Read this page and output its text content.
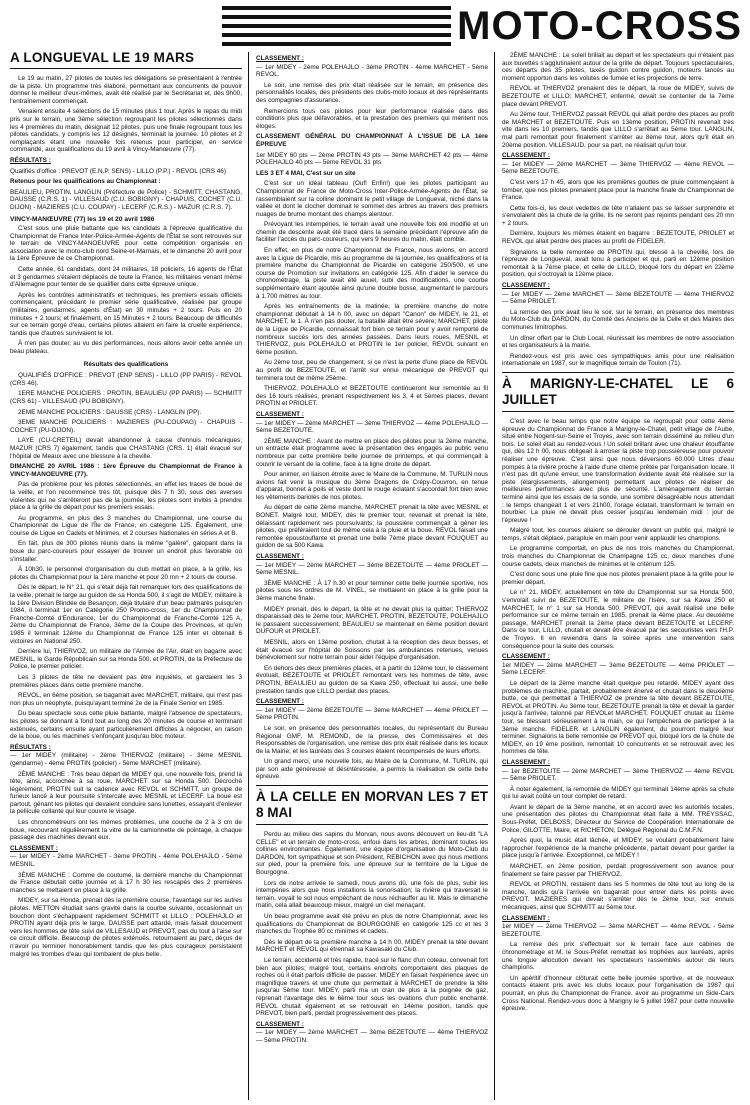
MOTO-CROSS
A LONGUEVAL LE 19 MARS

Le 19 au matin, 27 pilotes de toutes les délégations se présentaient à l'entrée de la piste. Un programme très élaboré, permettant aux concurrents de pouvoir donner le meilleur d'eux-mêmes, avait été réalisé par le Secrétariat et, dès 9h00, l'entraînement commençait.

Venaient ensuite 4 sélections de 15 minutes plus 1 tour. Après le repas du midi pris sur le terrain, une 3ème sélection regroupant les pilotes sélectionnés dans les 4 premières du matin, désignait 12 pilotes, puis une finale regroupant tous les pilotes candidats, y compris les 12 désignés, terminait la journée. 10 pilotes et 2 remplaçants étant une nouvelle fois retenus pour participer, en service commandé, aux qualifications du 19 avril à Vincy-Manœuvre (77).

RÉSULTATS :

Qualifiés d'office : PREVOT (E.N.P. SENS) - LILLO (P.P.) - REVOL (CRS 46)

Retenus pour les qualifications au Championnat :

BEAULIEU, PROTIN, LANGLIN (Préfecture de Police) - SCHMITT, CHASTANG, DAUSSE (C.R.S. 1) - VILLESAUD (C.U. BOBIGNY) - CHAPUIS, COCHET (C.U. DIJON) - MAZIERES (C.U. COUPAY) - LECERF (C.R.S.) - MAZUR (C.R.S. 7).

VINCY-MANŒUVRE (77) les 19 et 20 avril 1986

C'est sous une pluie battante que les candidats à l'épreuve qualificative du Championnat de France Inter-Police-Armée-Agents de l'État se sont retrouvés sur le terrain de VINCY-MANOEUVRE pour cette compétition organisée en association avec le moto-club nord Seine-et-Marnais, et le dimanche 20 avril pour la 1ère Épreuve de ce Championnat.

Cette année, 61 candidats, dont 24 militaires, 18 policiers, 16 agents de l'État et 3 gendarmes s'étaient déplacés de toute la France, les militaires venant même d'Allemagne pour tenter de se qualifier dans cette épreuve unique.

Après les contrôles administratifs et techniques, les premiers essais officiels commençaient, précédant le premier série qualificative, réalisée par groupe (militaires, gendarmes, agents d'État) en 30 minutes + 2 tours. Puis en 20 minutes + 2 tours; et finalement, en 15 Minutes + 2 tours. Beaucoup de difficultés sur ce terrain gorgé d'eau, certains pilotes allaient en faire la cruelle expérience, tandis que d'autres survivaient le lot.

À n'en pas douter, au vu des performances, nous allons avoir cette année un beau plateau.

Résultats des qualifications

QUALIFIÉS D'OFFICE : PREVOT (ENP SENS) - LILLO (PP PARIS) - REVOL (CRS 46).

1ERE MANCHE POLICIERS : PROTIN, BEAULIEU (PP PARIS) — SCHMITT (CRS 61) - VILLESAUD (PU BOBIGNY).

2EME MANCHE POLICIERS : DAUSSE (CRS) - LANGLIN (PP).

3EME MANCHE POLICIERS : MAZIERES (PU-COUPAG) - CHAPUIS - COCHET (PU-DIJON).

LAYE (CU-CRETEIL) devait abandonner à cause d'ennuis mécaniques; MAZUR (CRS 7) également, tandis que CHASTANG (CRS. 1) était évacué sur l'hôpital de Meaux avec une blessure à la cheville.

DIMANCHE 20 AVRIL 1986 : 1ère Épreuve du Championnat de France à VINCY-MANOEUVRE (77).

Pas de problème pour les pilotes sélectionnés, en effet les traces de boue de la veille, et l'on recommence très tôt, puisque dès 7 h 30, sous des averses violentes qui ne s'arrêteront pas de la journée, les pilotes sont invités à prendre place à la grille de départ pour les premiers essais.

Au programme, en plus des 3 manches du Championnat, une course du Championnat de Ligue de l'Île de France, en catégorie 125. Également, une course de Ligue en Cadets et Minimes, et 2 courses Nationales en séries A et B.

En fait, plus de 300 pilotes réunis dans la même "galère", galopant dans la boue du parc-coureurs pour essayer de trouver un endroit plus favorable où s'installer.

À 10h30, le personnel d'organisation du club mettait en place, à la grille, les pilotes du Championnat pour la 1ère manche et pour 20 mn + 2 tours de course.

Dès le départ, le N° 21, qui s'était déjà fait remarquer lors des qualifications de la veille, prenait le large au guidon de sa Honda 500, il s'agit de MIDEY, militaire à la 1ère Division Blindée de Besançon, déjà titulaire d'un beau palmarès puisqu'en 1984, il terminait 1er en Catégorie 250 Promo-cross, 1er du Championnat de Franche-Comté d'Endurance, 1er du Championnat de Franche-Comté 125 A, 2ème du Championnat de France, 3ème de la Coupe des Provinces, et qu'en 1985 il terminait 12ème du Championnat de France 125 inter et obtenait 6 victoires en National 250.

Derrière lui, THIERVOZ, un militaire de l'Armée de l'Air, était en bagarre avec MESNIL, le Garde Républicain sur sa Honda 500, et PROTIN, de la Préfecture de Police, le premier policier.

Les 3 pilotes de tête ne devaient pas être inquiétés, et gardaient les 3 premières places dans cette première manche.

REVOL, en 6ème position, se bagarrait avec MARCHET, militaire, qui n'est pas non plus un néophyte, puisqu'ayant terminé 2e de la Finale Senior en 1985.

Du beau spectacle sous cette pluie battante, malgré l'absence de spectateurs, les pilotes se donnant à fond tout au long des 20 minutes de course et terminant exténués, certains ensuite ayant particulièrement difficiles à négocier, en raison de la boue, ou les machines s'enfonçant jusqu'au bloc moteur.

RÉSULTATS :

— 1er MIDEY (militaire) - 2ème THIERVOZ (militaire) - 3ème MESNIL (gendarme) - 4ème PROTIN (policier) - 5ème MARCHET (militaire).

2ÈME MANCHE : Très beau départ de MIDEY qui, une nouvelle fois, prend la tête, ainsi, accrochée à sa roue, MARCHET sur sa Honda 500. Décroché légèrement, PROTIN suit la cadence avec REVOL et SCHMITT, un groupe de furieux lancé à leur poursuite s'intercale avec MESNIL et LECERF. La boue est partout, gênant les pilotes qui devaient conduire sans lunettes, essayant d'enlever la pellicule collante qui leur couvre le visage.

Les chronométreurs ont les mêmes problèmes, une couche de 2 à 3 cm de boue, recouvrant régulièrement la vitre de la camionnette de pointage, à chaque passage des machines devant eux.

CLASSEMENT :

— 1er MIDEY - 2ème MARCHET - 3ème PROTIN - 4ème POLEHAJLO - 5ème MESNIL.

3ÈME MANCHE : Comme de coutume, la dernière manche du Championnat de France débutait cette journée et à 17 h 30 les rescapés des 2 premières manches se mettaient en place à la grille.

MIDEY, sur sa Honda, prenait dès la première course, l'avantage sur les autres pilotes. METTON étudiait sans gravité dans la courbe suivante, occasionnait un bouchon dont s'échappaient rapidement SCHMITT et LILLO ; POLEHAJLO et PROTIN ayant déjà pris le large. DAUSSE part attardé, mais faisait doucement vers les hommes de tête suivi de VILLESAUD et PREVOT, pas du tout à l'aise sur ce circuit difficile. Beaucoup de pilotes exténués, retournaient au parc, déçus de n'avoir pu terminer honorablement tandis que les plus courageux persistaient malgré les trombes d'eau qui tombaient de plus belle.

CLASSEMENT :

— 1er MIDEY - 2ème POLEHAJLO - 3ème PROTIN - 4ème MARCHET - 5ème REVOL.

Le soir, une remise des prix était réalisée sur le terrain, en présence des personnalités locales, des présidents des clubs-moto locaux et des représentants des compagnies d'assurance.

Remercions tous ces pilotes pour leur performance réalisée dans des conditions plus que défavorables, et la prestation des premiers qui méritent nos éloges.

CLASSEMENT GÉNÉRAL DU CHAMPIONNAT À L'ISSUE DE LA 1ère ÉPREUVE

1er MIDEY 60 pts — 2ème PROTIN 43 pts — 3ème MARCHET 42 pts — 4ème POLEHAJLO 40 pts — 5ème REVOL 31 pts

LES 3 ET 4 MAI, C'est sur un site

C'est sur un idéal tableau (Ouf! Enfin!) que les pilotes participant au Championnat de France de Moto-Cross Inter-Police-Armée-Agents de l'État, se rassemblaient sur la colline dominant le petit village de Longueval, niché dans la vallée et dont le clocher dominait le sommet des arbres au travers des premiers nuages de brume montant des champs alentour.

Prévoyant les intempéries, le terrain avait une nouvelle fois été modifié et un chemin de descente avait été tracé dans la semaine précédant l'épreuve afin de faciliter l'accès du parc-coureurs, qui vers 9 heures du matin, était comble.

En effet, en plus de notre Championnat de France, nous avions, en accord avec la Ligue de Picardie, mis au programme de la journée, les qualifications et la première manche du Championnat de Picardie en catégorie 250/500, et une course de Promotion sur invitations en catégorie 125. Afin d'aider le service du chronométrage, la piste avait été auuel, subi des modifications, une courbe supplémentaire étant ajoutée ainsi qu'une double bosse, augmentant le parcours à 1.700 mètres au tour.

Après les entraînements de la matinée, la première manche de notre championnat débutait à 14 h 00, avec un départ "Canon" de MIDEY, le 21, et MARCHET, le 1. À n'en pas douter, la bataille allait être sévère; MARCHET, pilote de la Ligue de Picardie, connaissait fort bien ce terrain pour y avoir remporté de nombreux succès lors des années passées. Dans leurs roues, MESNIL et THIERVOZ, puis POLEHAJLO et PROTIN le 1er policier, REVOL suivant en 6ème position.

Au 2ème tour, peu de changement, si ce n'est la perte d'une place de REVOL au profit de BEZETOUTE, et l'arrêt sur ennui mécanique de PREVOT qui terminera tout de même 25ème.

THIERVOZ, POLEHAJLO et BEZETOUTE continueront leur remontée au fil des 16 tours réalisés, prenant respectivement les 3, 4 et 5èmes places, devant PROTIN et PRIOLET.

CLASSEMENT :

— 1er MIDEY — 2ème MARCHET — 3ème THIERVOZ — 4ème POLEHAJLO — 5ème BEZETOUTE.

2ÈME MANCHE : Avant de mettre en place des pilotes pour la 2ème manche, un entracte était programmé avec la présentation des engagés au public venu nombreux par cette première belle journée de printemps, et qui commençait à couvrir le versant de la colline, face à la ligne droite de départ.

Pour animer, en liaison étroite avec le Maire de la Commune, M. TURLIN nous avions fait venir la musique du 3ème Dragons de Crépy-Couvron, en tenue d'apparat, bonnet à poils et veste dont le rouge éclatant s'accordait fort bien avec les vêtements bariolés de nos pilotes.

Au départ de cette 2ème manche, MARCHET prenait la tête avec MESNIL et BONET. Malgré tout, MIDEY, dès le premier tour, revenait et prenait la tête, délaissant rapidement ses poursuivants; la poussière commençait à gêner les pilotes, qui préféraient tout de même cela à la pluie et la boue. REVOL faisait une remontée époustouflante et prenait une belle 7ème place devant FOUQUET au guidon de sa 500 Kawa.

CLASSEMENT :

— 1er MIDEY — 2ème MARCHET — 3ème BEZETOUTE — 4ème PRIOLET — 5ème MESNIL.

3ÈME MANCHE : À 17 h.30 et pour terminer cette belle journée sportive, nos pilotes sous les ordres de M. VINEL, se mettaient en place à la grille pour la 3ème manche finale.

MIDEY prenait, dès le départ, la tête et ne devait plus la quitter; THIERVOZ disparaissait dès le 2ème tour; MARCHET, PROTIN, BEZETOUTE, POLEHAJLO le passaient successivement; BEAULIEU se maintenait en 6ème position devant DUFOUR et PRIOLET.

MESNIL, alors en 13ème position, chutait à la réception des deux bosses, et était évacué sur l'hôpital de Soissons par les ambulances retenues, venues bénévolement sur notre terrain pour aider l'équipe d'organisation.

En dehors des deux premières places, et à partir du 12ème tour, le classement évoluait, BEZETOUTE et PRIOLET remontant vers les hommes de tête, avec PROTIN, BEAULIEU au guidon de sa Kawa 250, effectuait lui aussi, une belle prestation tandis que LILLO perdait des places.

CLASSEMENT :

— 1er MIDEY — 2ème BEZETOUTE — 3ème MARCHET — 4ème PRIOLET — 5ème PROTIN.

Le soir, en présence des personnalités locales, du représentant du Bureau Régional GMF, M. REMOND, de la presse, des Commissaires et des Responsables de l'organisation, une remise des prix était réalisée dans les locaux de la Mairie, et les lauréats des 3 courses étaient récompensés de leurs efforts.

Un grand merci, une nouvelle fois, au Maire de la Commune, M. TURLIN, qui par son aide généreuse et désintéressée, a permis la réalisation de cette belle épreuve.

À LA CELLE EN MORVAN LES 7 ET 8 MAI

Perdu au milieu des sapins du Morvan, nous avons découvert un lieu-dit "LA CELLE" et un terrain de moto-cross, enfoui dans les arbres, dominant toutes les collines environnantes. Également, une équipe d'organisation du Moto-Club du DARDON, fort sympathique et son Président, REBICHON avec qui nous mettions sur pied, pour la première fois, une épreuve sur le territoire de la Ligue de Bourgogne.

Lors de notre arrivée le samedi, nous avons dû, une fois de plus, subir les intempéries alors que nous installions la sonorisation; la rivière qui traversait le terrain, voyait le sol nous empêchant de nous réchauffer au lit. Mais le dimanche matin, cela allait beaucoup mieux, malgré un ciel menaçant.

Un beau programme avait été prévu en plus de notre Championnat, avec les qualifications du Championnat de BOURGOGNE en catégorie 125 cc et les 3 manches du Trophée 80 cc minimes et cadets.

Dès le départ de la première manche à 14 h 00, MIDEY prenait la tête devant MARCHET et REVOL qui étrennait sa Kawasaki du Club.

Le terrain, accidenté et très rapide, tracé sur le flanc d'un coteau, convenait fort bien aux pilotes; malgré tout, certains endroits comportaient des plaques de roches où il était parfois difficile de passer. MIDEY en faisait l'expérience avec un magnifique travers et une chute qui permettait à MARCHET de prendre la tête jusqu'au 5ème tour. MIDEY, parti ma un cran de plus à la poignée de gaz, reprenait l'avantage dès le 6ème tour sous les ovations d'un public enchanté. REVOL chutait également et se retrouvait en 14ème position, tandis que PREVOT, bien parti, perdait progressivement des places.

CLASSEMENT :

— 1er MIDEY — 2ème MARCHET — 3ème BEZETOUTE — 4ème THIERVOZ — 5ème PROTIN.

2ÈME MANCHE : Le soleil brillait au départ et les spectateurs qui n'étaient pas aux buvettes s'agglutinaient autour de la grille de départ. Toujours spectaculaires, ces départs des 35 pilotes, taxés guidon contre guidon, moteurs lancés au moment opportun dans les volutes de fumée et les projections de terre.

REVOL et THIERVOZ prenaient dès le départ, la roue de MIDEY, suivis de BEZETOUTE et LILLO; MARCHET, enfermé, devait se contenter de la 7ème place devant PREVOT.

Au 2ème tour, THIERVOZ passait REVOL qui allait perdre des places au profit de MARCHET et BEZETOUTE. Puis en 13ème position, PROTIN revenait très vite dans les 10 premiers, tandis que LILLO s'arrêtait au 5ème tour. LANGLIN, mal parti remontait pour finalement s'arrêter au 8ème tour, alors qu'il était en 20ème position. VILLESAUD, pour sa part, ne réalisait qu'un tour.

CLASSEMENT :

— 1er MIDEY — 2ème MARCHET — 3ème THIERVOZ — 4ème REVOL — 5ème BEZETOUTE.

C'est vers 17 h 45, alors que les premières gouttes de pluie commençaient à tomber, que nos pilotes prenaient place pour la manche finale du Championnat de France.

Cette fois-ci, les deux vedettes de tête n'allaient pas se laisser surprendre et s'envolaient dès la chute de la grille. Ils ne seront pas rejoints pendant ces 20 mn + 2 tours.

Derrière, toujours les mêmes étaient en bagarre : BEZETOUTE, PRIOLET et REVOL qui allait perdre des places au profit de FIDELER.

Signalons la belle remontée de PROTIN qui, blessé à la cheville, lors de l'épreuve de Longueval, avait tenu à participer et qui, parti en 12ème position remontait à la 7ème place, et celle de LILLO, bloqué lors du départ en 22ème position, qui s'octroyait la 12ème place.

CLASSEMENT :

— 1er MIDEY — 2ème MARCHET — 3ème BEZETOUTE — 4ème THIERVOZ — 5ème PRIOLET.

La remise des prix avait lieu le soir, sur le terrain, en présence des membres du Moto-Club du DARDON, du Comité des Anciens de la Celle et des Maires des communes limitrophes.

Un dîner offert par le Club Local, réunissait les membres de notre association et les organisateurs à la mairie.

Rendez-vous est pris avec ces sympathiques amis pour une réalisation internationale en 1987, sur le magnifique terrain de Toulon (71).

À MARIGNY-LE-CHATEL LE 6 JUILLET

C'est avec le beau temps que notre équipe se regroupait pour cette 4ème épreuve du Championnat de France à Marigny-le-Chatel, petit village de l'Aube, situé entre Nogent-sur-Seine et Troyes, avec son terrain disséminé au milieu d'un bois. Le soleil était au rendez-vous ! Un soleil brillant avec une chaleur étouffante qui, dès 12 h 00, nous obligeait à arroser la piste trop poussiéreuse pour pouvoir réaliser une épreuve. C'est ainsi que nous déversions 60.000 Litres d'eau pompés à la rivière proche à l'aide d'une citerne prêtée par l'organisation locale. Il n'est pas dit qu'une erreur, une transformation évidente avait été réalisée sur la piste (élargissements, allongement) permettant aux pilotes de réaliser de meilleures performances avec plus de sécurité. L'aménagement du terrain terminé ainsi que les essais de la sonde, une sombre désagréable nous attendait : le temps changeait 1 et vers 21h00, l'orage éclatait, transformant le terrain en bourbier. La pluie ne devait plus cesser jusqu'au lendemain midi : jour de l'épreuve !

Malgré tout, les courses allaient se dérouler devant un public qui, malgré le temps, s'était déplacé, parapluie en main pour venir applaudir les champions.

Le programme comportait, en plus de nos trois manches du Championnat, trois manches du Championnat de Champagne 125 cc, deux manches d'une course cadets, deux manches de minimes et le critérium 125.

C'est donc sous une pluie fine que nos pilotes prenaient place à la grille pour le premier départ.

Le n° 21, MIDEY, actuellement en tête du Championnat sur sa Honda 500, s'envolait suivi de BEZETOUTE, le militaire de l'Isère, sur sa Kawa 250 et MARCHET, le n° 1 sur sa Honda 500. PREVOT, qui avait réalisé une belle performance sur ce même terrain en 1985, prenait la 4ème place. Au deuxième passage, MARCHET prenait la 2ème place devant BEZETOUTE et LECERF. Dans ce tour, LILLO, chutait et devait être évacué par les secouristes vers l'H.P. de Troyes. Il en reviendra dans la soirée après une intervention sans conséquence pour la suite des courses.

CLASSEMENT :

1er MIDEY — 2ème MARCHET — 3ème BEZETOUTE — 4ème PRIOLET — 5ème LECERF.

Le départ de la 2ème manche était quelque peu retardé. MIDEY ayant des problèmes de machine, partait, probablement énervé et chutait dans le deuxième butte, ce qui permettait à THIERVOZ de prendre la tête devant BEZETOUTE, REVOL et PROTIN. Au 3ème tour, BEZETOUTE prenait la tête et devait la garder jusqu'à l'arrivée, talonné par REVOLet MARCHET. FOUQUET chutait au 11ème tour, se blessant sérieusement à la main, ce qui l'empêchera de participer à la 3ème manche. FIDELER et LANGLIN également, du pourront malgré leur terminer. Signalons la belle remontée de PREVOT qui, bloqué lors de la chute de MIDEY, en 19 ème position, remontait 10 concurrents et se retrouvait avec les hommes de tête.

CLASSEMENT :

— 1er BEZETOUTE — 2ème MARCHET — 3ème THIERVOZ — 4ème REVOL — 5ème PRIOLET.

À noter également, la remontée de MIDEY qui terminait 14ème après sa chute qui lui avait coûté un tour complet de retard.

Avant le départ de la 3ème manche, et en accord avec les autorités locales, une présentation des pilotes du Championnat était faite à MM. TREYSSAC, Sous-Préfet, DELBOSS, Directeur du Service de Coopération Internationale de Police, GILOTTE, Maire, et RICHETON, Délégué Régional du C.M.F.N.

Après quoi, la music était lâchée, et MIDEY, se voulant probablement faire rapprocher l'expérience de la manche précédente, partait devant pour garder la place jusqu'à l'arrivée. Exceptionnel, ce MIDEY !

MARCHET, en 2ème position, perdait progressivement son avance pour finalement se faire passer par THIERVOZ.

REVOL et PROTIN, restaient dans les 5 hommes de tête tout au long de la manche, tandis qu'à l'arrivée en bagarrait pour entrer dans les points avec PREVOT. MAZIERES qui devait s'arrêter dès le 2ème tour, sur ennuis mécaniques, ainsi que SCHMITT au 5ème tour.

CLASSEMENT :

1er MIDEY — 2ème THIERVOZ — 3ème MARCHET — 4ème REVOL - 5ème BEZETOUTE.

La remise des prix s'effectuait sur le terrain face aux cabines de chronométrage et M. le Sous-Préfet remettait les trophées aux lauréats, après une longue allocution devant les spectateurs rassemblés autour de leurs champions.

Un apéritif d'honneur clôturait cette belle journée sportive, et de nouveaux contacts étaient pris avec les clubs locaux pour l'organisation de 1987 qui pourrait, en plus du Championnat de France, avoir au programme un Side-Cars Cross National. Rendez-vous donc à Marigny le 5 juillet 1987 pour cette nouvelle épreuve.
